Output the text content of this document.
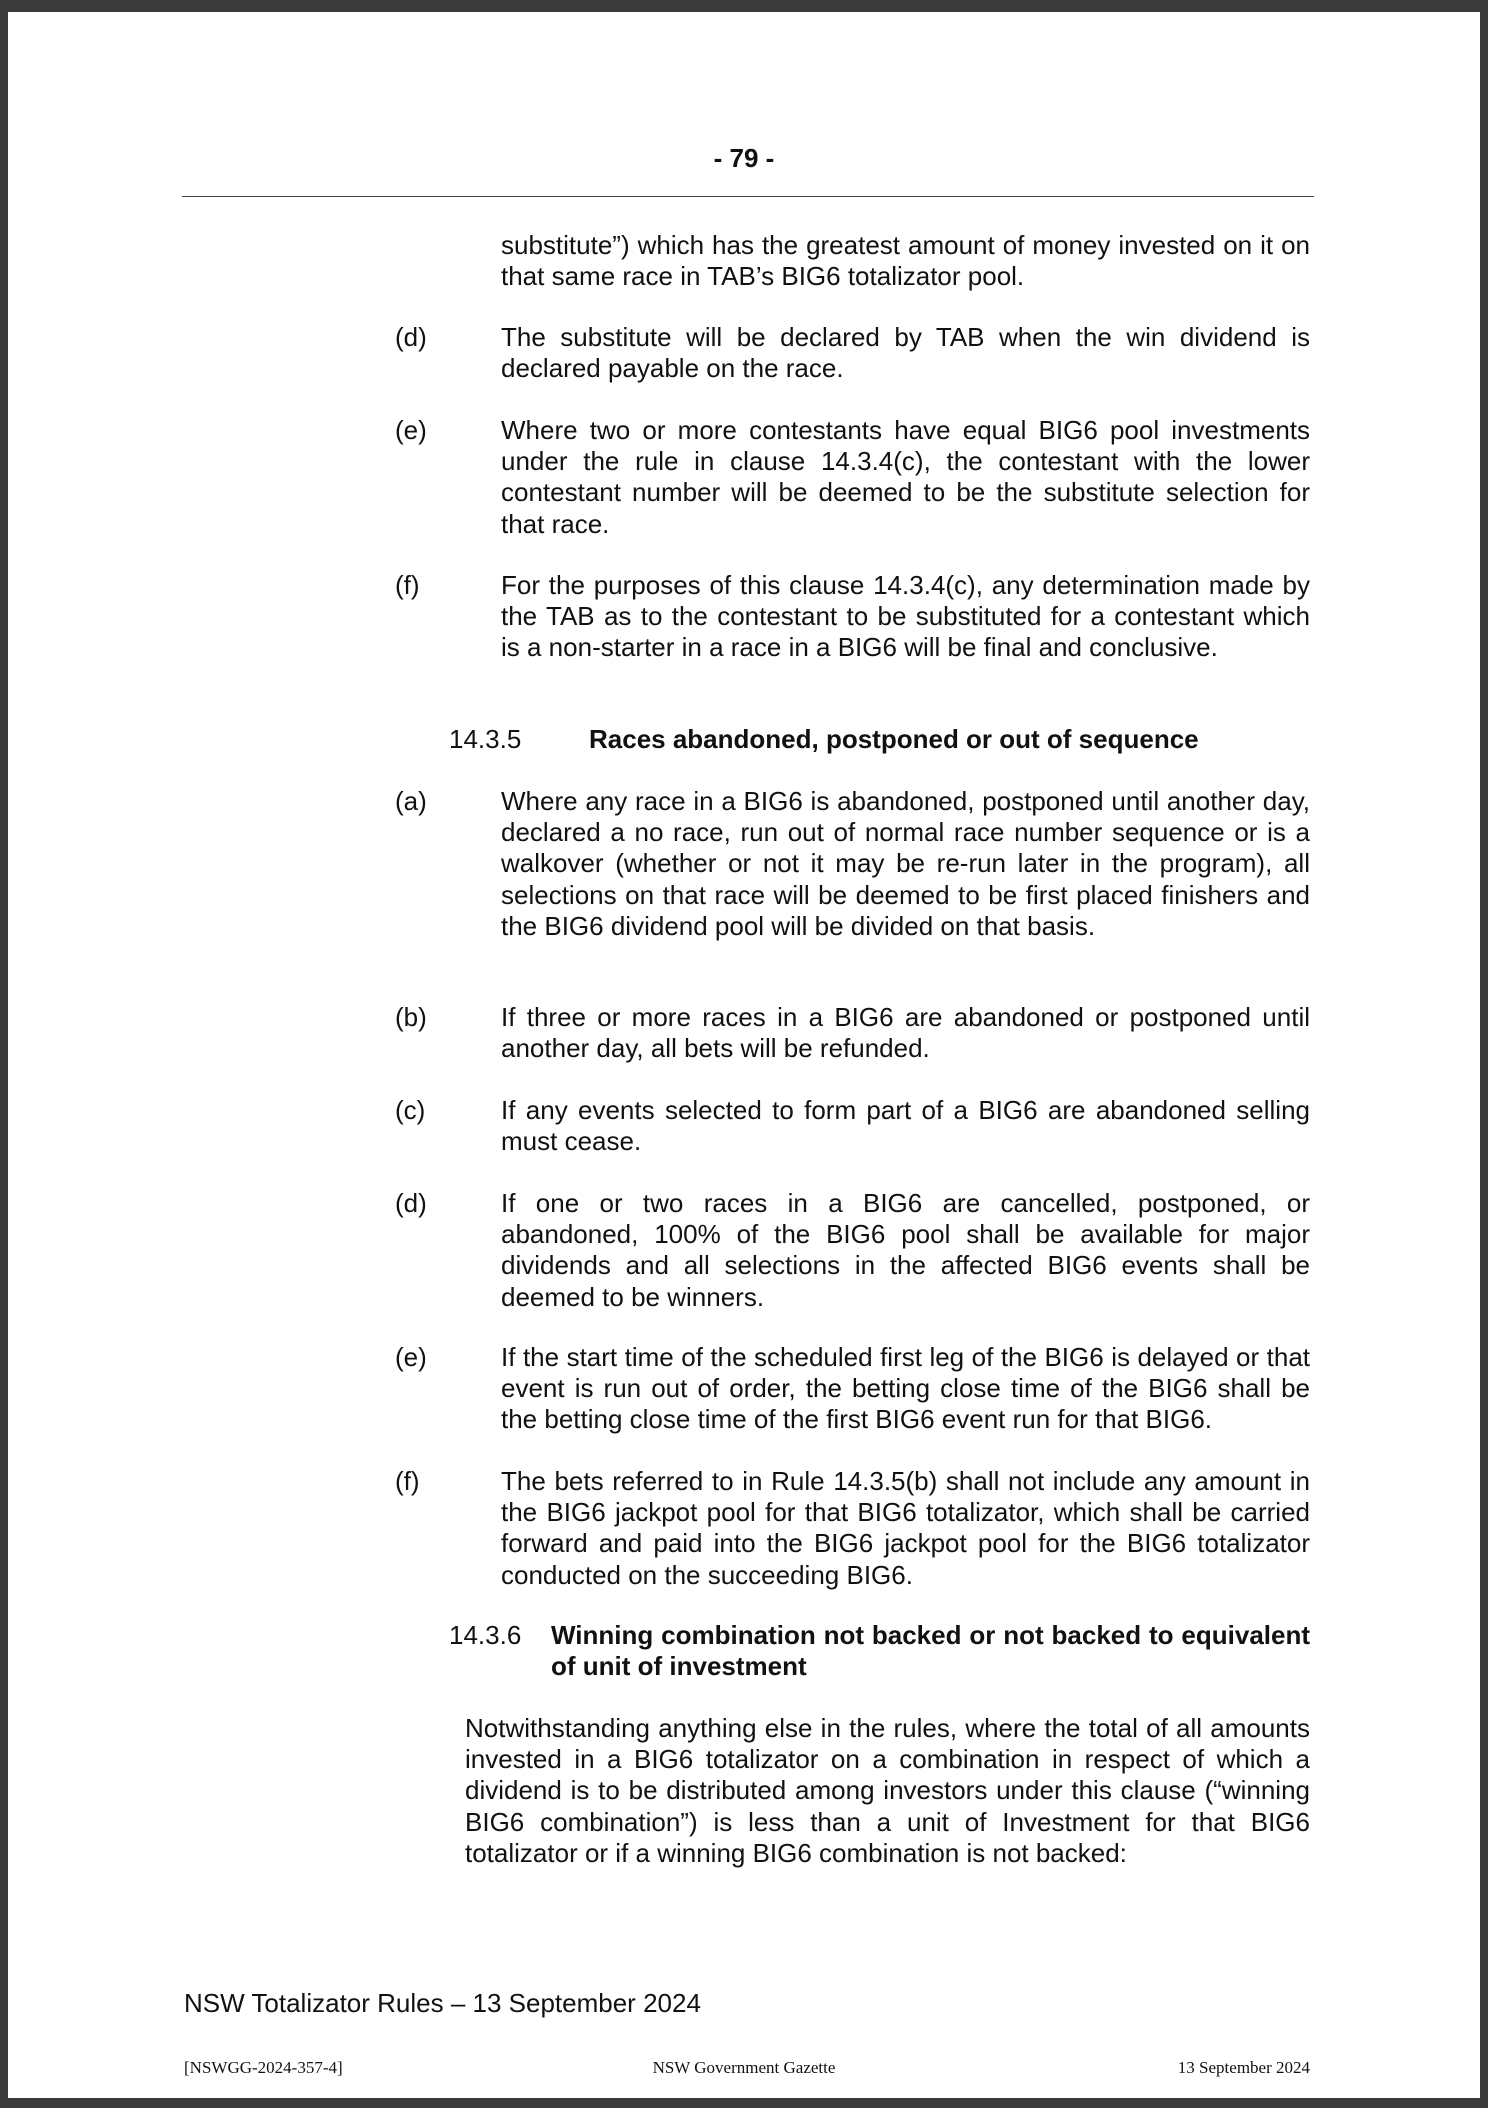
- 79 -

substitute”) which has the greatest amount of money invested on it on that same race in TAB’s BIG6 totalizator pool.

(d)	The substitute will be declared by TAB when the win dividend is declared payable on the race.

(e)	Where two or more contestants have equal BIG6 pool investments under the rule in clause 14.3.4(c), the contestant with the lower contestant number will be deemed to be the substitute selection for that race.

(f)	For the purposes of this clause 14.3.4(c), any determination made by the TAB as to the contestant to be substituted for a contestant which is a non-starter in a race in a BIG6 will be final and conclusive.

14.3.5	Races abandoned, postponed or out of sequence
(a)	Where any race in a BIG6 is abandoned, postponed until another day, declared a no race, run out of normal race number sequence or is a walkover (whether or not it may be re-run later in the program), all selections on that race will be deemed to be first placed finishers and the BIG6 dividend pool will be divided on that basis.

(b)	If three or more races in a BIG6 are abandoned or postponed until another day, all bets will be refunded.

(c)	If any events selected to form part of a BIG6 are abandoned selling must cease.

(d)	If one or two races in a BIG6 are cancelled, postponed, or abandoned, 100% of the BIG6 pool shall be available for major dividends and all selections in the affected BIG6 events shall be deemed to be winners.

(e)	If the start time of the scheduled first leg of the BIG6 is delayed or that event is run out of order, the betting close time of the BIG6 shall be the betting close time of the first BIG6 event run for that BIG6.

(f)	The bets referred to in Rule 14.3.5(b) shall not include any amount in the BIG6 jackpot pool for that BIG6 totalizator, which shall be carried forward and paid into the BIG6 jackpot pool for the BIG6 totalizator conducted on the succeeding BIG6.

14.3.6 Winning combination not backed or not backed to equivalent of unit of investment

Notwithstanding anything else in the rules, where the total of all amounts invested in a BIG6 totalizator on a combination in respect of which a dividend is to be distributed among investors under this clause (“winning BIG6 combination”) is less than a unit of Investment for that BIG6 totalizator or if a winning BIG6 combination is not backed:

NSW Totalizator Rules – 13 September 2024
[NSWGG-2024-357-4]	NSW Government Gazette	13 September 2024
